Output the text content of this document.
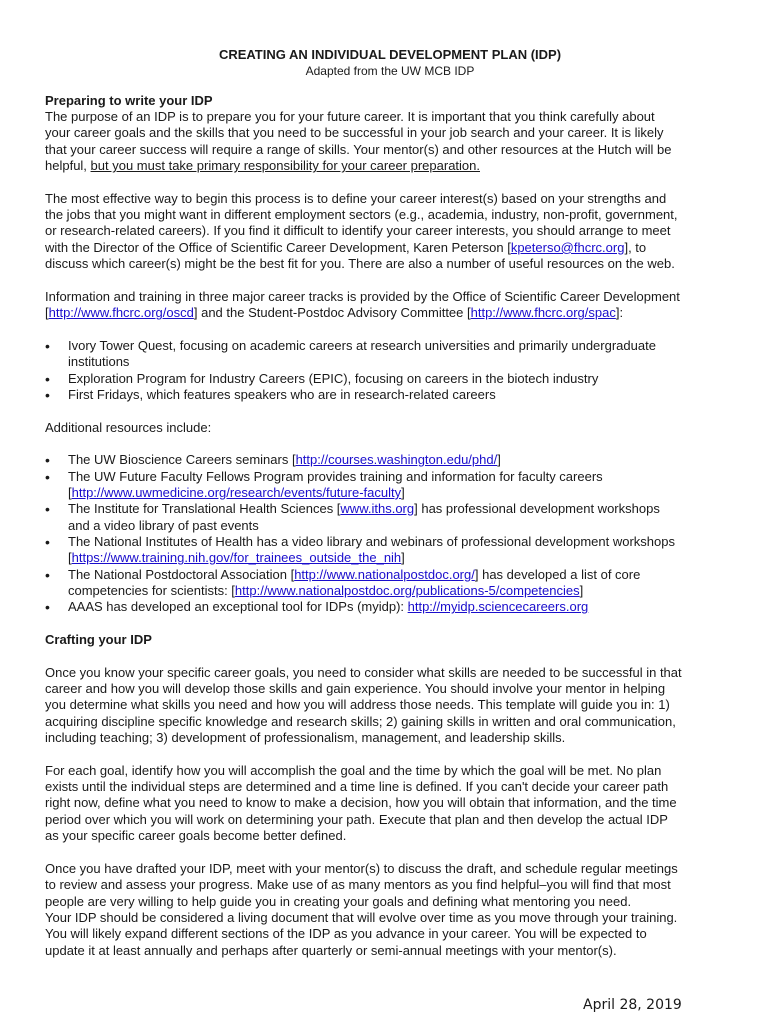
CREATING AN INDIVIDUAL DEVELOPMENT PLAN (IDP)
Adapted from the UW MCB IDP
Preparing to write your IDP
The purpose of an IDP is to prepare you for your future career. It is important that you think carefully about
your career goals and the skills that you need to be successful in your job search and your career. It is likely
that your career success will require a range of skills. Your mentor(s) and other resources at the Hutch will be
helpful, but you must take primary responsibility for your career preparation.
The most effective way to begin this process is to define your career interest(s) based on your strengths and
the jobs that you might want in different employment sectors (e.g., academia, industry, non-profit, government,
or research-related careers). If you find it difficult to identify your career interests, you should arrange to meet
with the Director of the Office of Scientific Career Development, Karen Peterson [kpeterso@fhcrc.org], to
discuss which career(s) might be the best fit for you. There are also a number of useful resources on the web.
Information and training in three major career tracks is provided by the Office of Scientific Career Development
[http://www.fhcrc.org/oscd] and the Student-Postdoc Advisory Committee [http://www.fhcrc.org/spac]:
• Ivory Tower Quest, focusing on academic careers at research universities and primarily undergraduate
institutions
• Exploration Program for Industry Careers (EPIC), focusing on careers in the biotech industry
• First Fridays, which features speakers who are in research-related careers
Additional resources include:
• The UW Bioscience Careers seminars [http://courses.washington.edu/phd/]
• The UW Future Faculty Fellows Program provides training and information for faculty careers
[http://www.uwmedicine.org/research/events/future-faculty]
• The Institute for Translational Health Sciences [www.iths.org] has professional development workshops
and a video library of past events
• The National Institutes of Health has a video library and webinars of professional development workshops
[https://www.training.nih.gov/for_trainees_outside_the_nih]
• The National Postdoctoral Association [http://www.nationalpostdoc.org/] has developed a list of core
competencies for scientists: [http://www.nationalpostdoc.org/publications-5/competencies]
• AAAS has developed an exceptional tool for IDPs (myidp): http://myidp.sciencecareers.org
Crafting your IDP
Once you know your specific career goals, you need to consider what skills are needed to be successful in that
career and how you will develop those skills and gain experience. You should involve your mentor in helping
you determine what skills you need and how you will address those needs. This template will guide you in: 1)
acquiring discipline specific knowledge and research skills; 2) gaining skills in written and oral communication,
including teaching; 3) development of professionalism, management, and leadership skills.
For each goal, identify how you will accomplish the goal and the time by which the goal will be met. No plan
exists until the individual steps are determined and a time line is defined. If you can't decide your career path
right now, define what you need to know to make a decision, how you will obtain that information, and the time
period over which you will work on determining your path. Execute that plan and then develop the actual IDP
as your specific career goals become better defined.
Once you have drafted your IDP, meet with your mentor(s) to discuss the draft, and schedule regular meetings
to review and assess your progress. Make use of as many mentors as you find helpful–you will find that most
people are very willing to help guide you in creating your goals and defining what mentoring you need.
Your IDP should be considered a living document that will evolve over time as you move through your training.
You will likely expand different sections of the IDP as you advance in your career. You will be expected to
update it at least annually and perhaps after quarterly or semi-annual meetings with your mentor(s).
April 28, 2019
